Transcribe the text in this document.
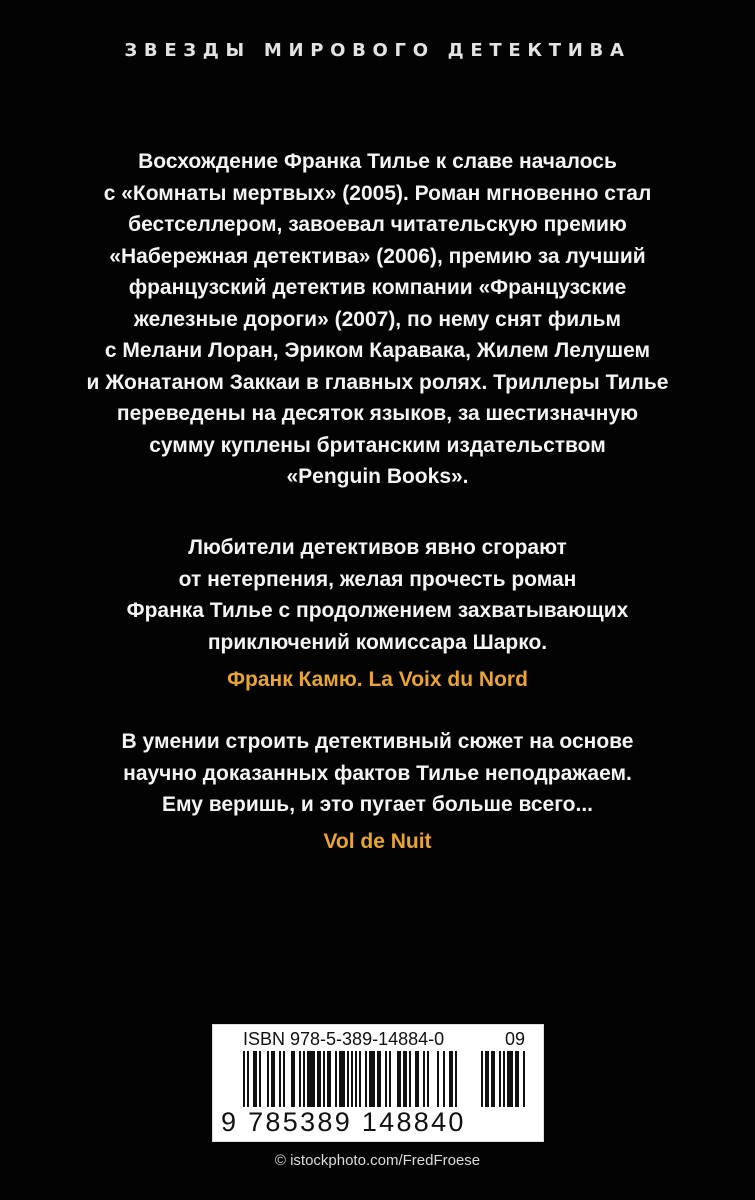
ЗВЕЗДЫ МИРОВОГО ДЕТЕКТИВА
Восхождение Франка Тилье к славе началось
с «Комнаты мертвых» (2005). Роман мгновенно стал
бестселлером, завоевал читательскую премию
«Набережная детектива» (2006), премию за лучший
французский детектив компании «Французские
железные дороги» (2007), по нему снят фильм
с Мелани Лоран, Эриком Каравака, Жилем Лелушем
и Жонатаном Заккаи в главных ролях. Триллеры Тилье
переведены на десяток языков, за шестизначную
сумму куплены британским издательством
«Penguin Books».
Любители детективов явно сгорают
от нетерпения, желая прочесть роман
Франка Тилье с продолжением захватывающих
приключений комиссара Шарко.
Франк Камю. La Voix du Nord
В умении строить детективный сюжет на основе
научно доказанных фактов Тилье неподражаем.
Ему веришь, и это пугает больше всего...
Vol de Nuit
ISBN 978-5-389-14884-0	09
9 785389 148840
© istockphoto.com/FredFroese
